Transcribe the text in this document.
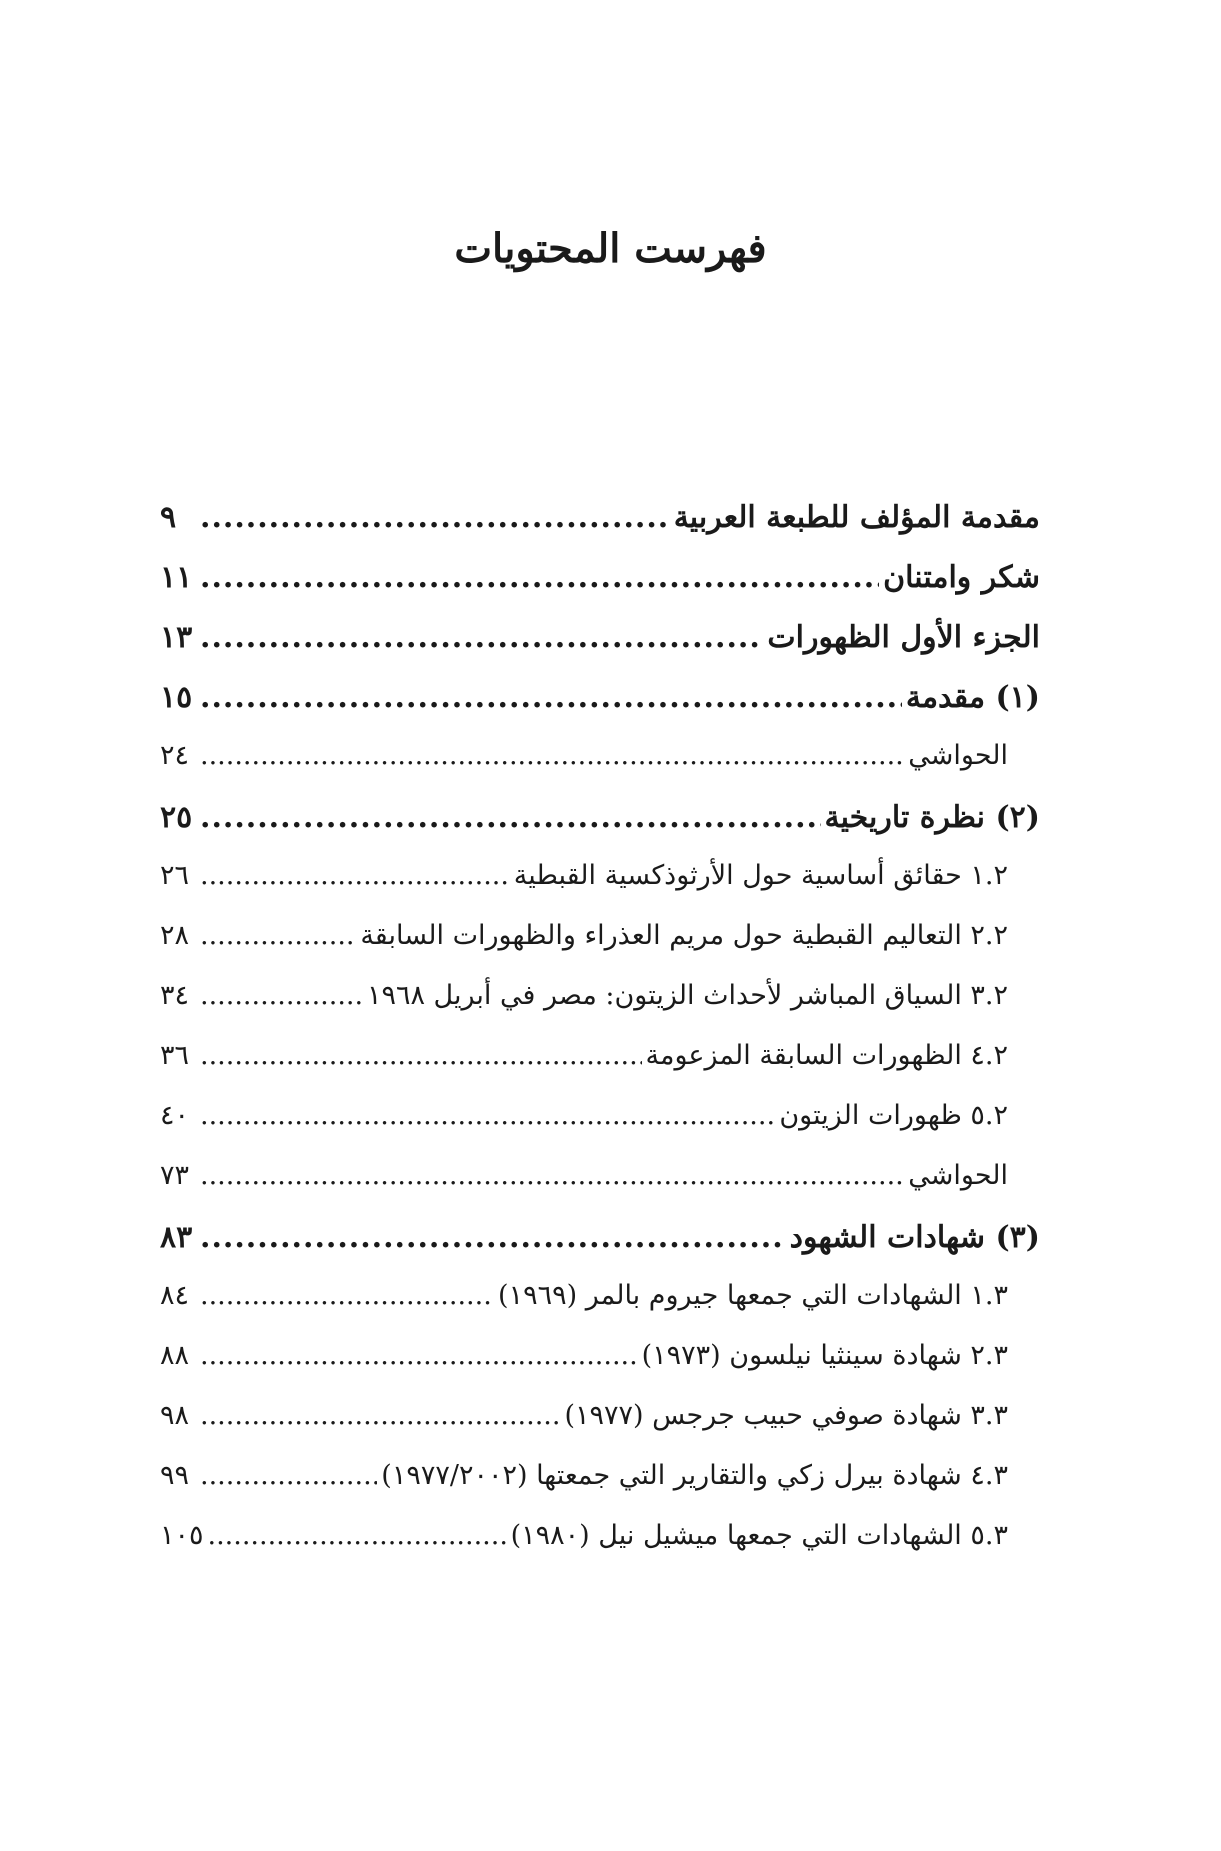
فهرست المحتويات
مقدمة المؤلف للطبعة العربية
.....
٩
شكر وامتنان
.....
١١
الجزء الأول الظهورات
.....
١٣
(١) مقدمة
.....
١٥
الحواشي
.....
٢٤
(٢) نظرة تاريخية
.....
٢٥
١.٢ حقائق أساسية حول الأرثوذكسية القبطية
.....
٢٦
٢.٢ التعاليم القبطية حول مريم العذراء والظهورات السابقة
.....
٢٨
٣.٢ السياق المباشر لأحداث الزيتون: مصر في أبريل ١٩٦٨
.....
٣٤
٤.٢ الظهورات السابقة المزعومة
.....
٣٦
٥.٢ ظهورات الزيتون
.....
٤٠
الحواشي
.....
٧٣
(٣) شهادات الشهود
.....
٨٣
١.٣ الشهادات التي جمعها جيروم بالمر (١٩٦٩)
.....
٨٤
٢.٣ شهادة سينثيا نيلسون (١٩٧٣)
.....
٨٨
٣.٣ شهادة صوفي حبيب جرجس (١٩٧٧)
.....
٩٨
٤.٣ شهادة بيرل زكي والتقارير التي جمعتها (١٩٧٧/٢٠٠٢)
.....
٩٩
٥.٣ الشهادات التي جمعها ميشيل نيل (١٩٨٠)
.....
١٠٥
